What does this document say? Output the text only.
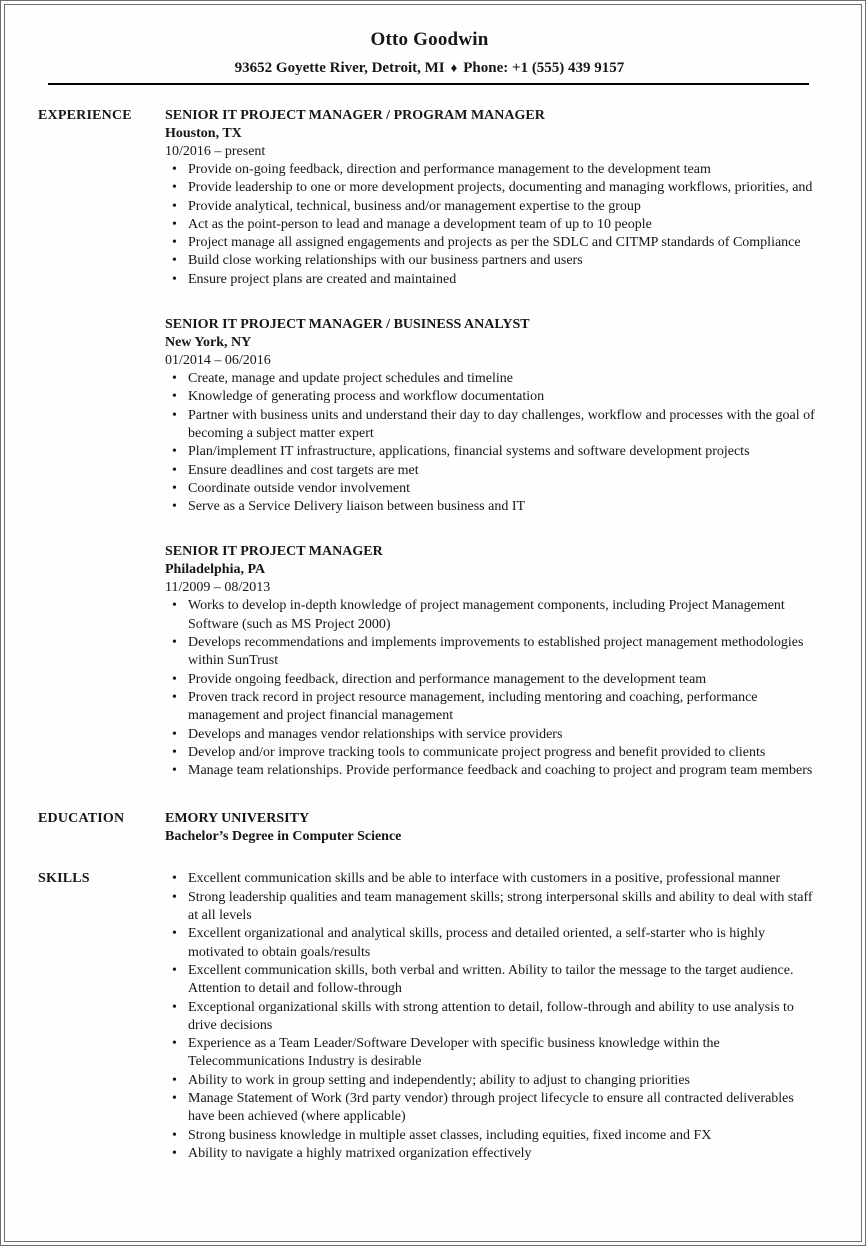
Otto Goodwin
93652 Goyette River, Detroit, MI ♦ Phone: +1 (555) 439 9157
EXPERIENCE	SENIOR IT PROJECT MANAGER / PROGRAM MANAGER
Houston, TX
10/2016 – present
• Provide on-going feedback, direction and performance management to the development team
• Provide leadership to one or more development projects, documenting and managing workflows, priorities, and
• Provide analytical, technical, business and/or management expertise to the group
• Act as the point-person to lead and manage a development team of up to 10 people
• Project manage all assigned engagements and projects as per the SDLC and CITMP standards of Compliance
• Build close working relationships with our business partners and users
• Ensure project plans are created and maintained
SENIOR IT PROJECT MANAGER / BUSINESS ANALYST
New York, NY
01/2014 – 06/2016
• Create, manage and update project schedules and timeline
• Knowledge of generating process and workflow documentation
• Partner with business units and understand their day to day challenges, workflow and processes with the goal of becoming a subject matter expert
• Plan/implement IT infrastructure, applications, financial systems and software development projects
• Ensure deadlines and cost targets are met
• Coordinate outside vendor involvement
• Serve as a Service Delivery liaison between business and IT
SENIOR IT PROJECT MANAGER
Philadelphia, PA
11/2009 – 08/2013
• Works to develop in-depth knowledge of project management components, including Project Management Software (such as MS Project 2000)
• Develops recommendations and implements improvements to established project management methodologies within SunTrust
• Provide ongoing feedback, direction and performance management to the development team
• Proven track record in project resource management, including mentoring and coaching, performance management and project financial management
• Develops and manages vendor relationships with service providers
• Develop and/or improve tracking tools to communicate project progress and benefit provided to clients
• Manage team relationships. Provide performance feedback and coaching to project and program team members
EDUCATION	EMORY UNIVERSITY
Bachelor’s Degree in Computer Science
SKILLS	• Excellent communication skills and be able to interface with customers in a positive, professional manner
• Strong leadership qualities and team management skills; strong interpersonal skills and ability to deal with staff at all levels
• Excellent organizational and analytical skills, process and detailed oriented, a self-starter who is highly motivated to obtain goals/results
• Excellent communication skills, both verbal and written. Ability to tailor the message to the target audience. Attention to detail and follow-through
• Exceptional organizational skills with strong attention to detail, follow-through and ability to use analysis to drive decisions
• Experience as a Team Leader/Software Developer with specific business knowledge within the Telecommunications Industry is desirable
• Ability to work in group setting and independently; ability to adjust to changing priorities
• Manage Statement of Work (3rd party vendor) through project lifecycle to ensure all contracted deliverables have been achieved (where applicable)
• Strong business knowledge in multiple asset classes, including equities, fixed income and FX
• Ability to navigate a highly matrixed organization effectively
